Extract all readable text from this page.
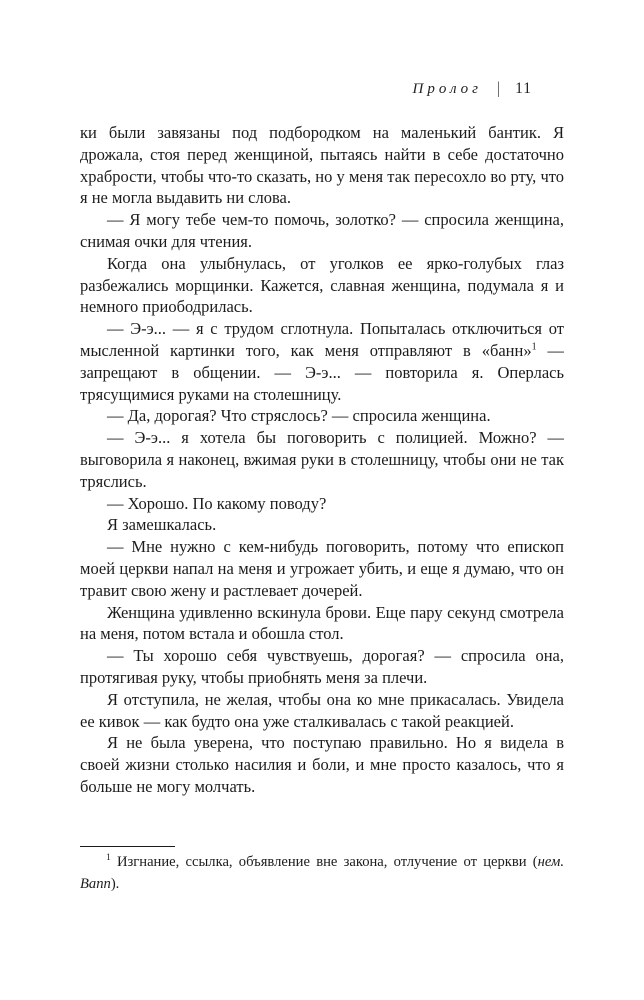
Пролог | 11

ки были завязаны под подбородком на маленький бантик. Я дрожала, стоя перед женщиной, пытаясь найти в себе достаточно храбрости, чтобы что-то сказать, но у меня так пересохло во рту, что я не могла выдавить ни слова.

— Я могу тебе чем-то помочь, золотко? — спросила женщина, снимая очки для чтения.

Когда она улыбнулась, от уголков ее ярко-голубых глаз разбежались морщинки. Кажется, славная женщина, подумала я и немного приободрилась.

— Э-э... — я с трудом сглотнула. Попыталась отключиться от мысленной картинки того, как меня отправляют в «банн»$^1$ — запрещают в общении. — Э-э... — повторила я. Оперлась трясущимися руками на столешницу.

— Да, дорогая? Что стряслось? — спросила женщина.

— Э-э... я хотела бы поговорить с полицией. Можно? — выговорила я наконец, вжимая руки в столешницу, чтобы они не так тряслись.

— Хорошо. По какому поводу?

Я замешкалась.

— Мне нужно с кем-нибудь поговорить, потому что епископ моей церкви напал на меня и угрожает убить, и еще я думаю, что он травит свою жену и растлевает дочерей.

Женщина удивленно вскинула брови. Еще пару секунд смотрела на меня, потом встала и обошла стол.

— Ты хорошо себя чувствуешь, дорогая? — спросила она, протягивая руку, чтобы приобнять меня за плечи.

Я отступила, не желая, чтобы она ко мне прикасалась. Увидела ее кивок — как будто она уже сталкивалась с такой реакцией.

Я не была уверена, что поступаю правильно. Но я видела в своей жизни столько насилия и боли, и мне просто казалось, что я больше не могу молчать.

$^1$ Изгнание, ссылка, объявление вне закона, отлучение от церкви (нем. Bann).
